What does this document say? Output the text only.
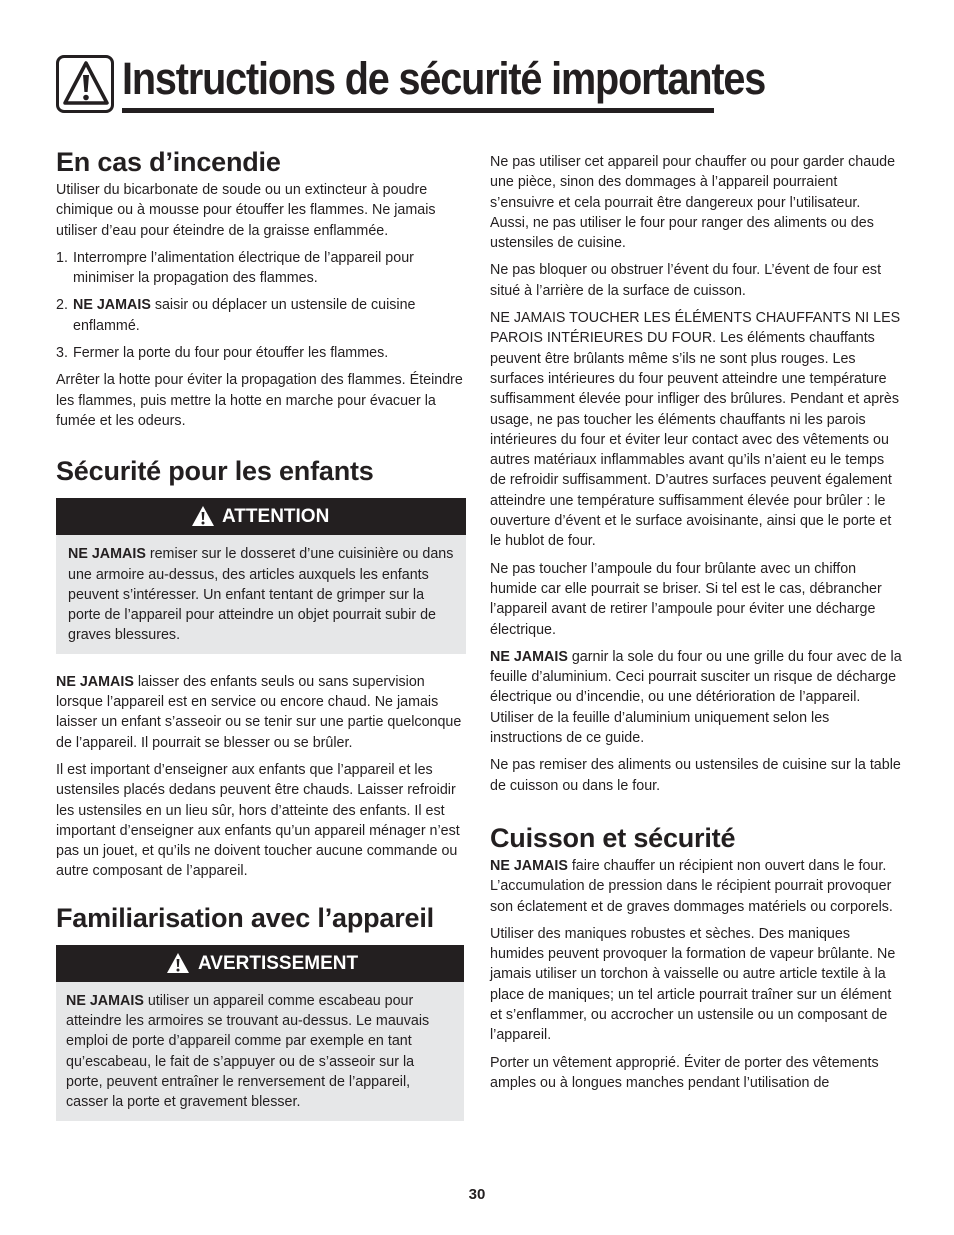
Instructions de sécurité importantes
En cas d’incendie

Utiliser du bicarbonate de soude ou un extincteur à poudre chimique ou à mousse pour étouffer les flammes. Ne jamais utiliser d’eau pour éteindre de la graisse enflammée.

1. Interrompre l’alimentation électrique de l’appareil pour minimiser la propagation des flammes.
2. NE JAMAIS saisir ou déplacer un ustensile de cuisine enflammé.
3. Fermer la porte du four pour étouffer les flammes.

Arrêter la hotte pour éviter la propagation des flammes. Éteindre les flammes, puis mettre la hotte en marche pour évacuer la fumée et les odeurs.

Sécurité pour les enfants
ATTENTION

NE JAMAIS remiser sur le dosseret d’une cuisinière ou dans une armoire au-dessus, des articles auxquels les enfants peuvent s’intéresser. Un enfant tentant de grimper sur la porte de l’appareil pour atteindre un objet pourrait subir de graves blessures.

NE JAMAIS laisser des enfants seuls ou sans supervision lorsque l’appareil est en service ou encore chaud. Ne jamais laisser un enfant s’asseoir ou se tenir sur une partie quelconque de l’appareil. Il pourrait se blesser ou se brûler.

Il est important d’enseigner aux enfants que l’appareil et les ustensiles placés dedans peuvent être chauds. Laisser refroidir les ustensiles en un lieu sûr, hors d’atteinte des enfants. Il est important d’enseigner aux enfants qu’un appareil ménager n’est pas un jouet, et qu’ils ne doivent toucher aucune commande ou autre composant de l’appareil.

Familiarisation avec l’appareil
AVERTISSEMENT

NE JAMAIS utiliser un appareil comme escabeau pour atteindre les armoires se trouvant au-dessus. Le mauvais emploi de porte d’appareil comme par exemple en tant qu’escabeau, le fait de s’appuyer ou de s’asseoir sur la porte, peuvent entraîner le renversement de l’appareil, casser la porte et gravement blesser.

Ne pas utiliser cet appareil pour chauffer ou pour garder chaude une pièce, sinon des dommages à l’appareil pourraient s’ensuivre et cela pourrait être dangereux pour l’utilisateur. Aussi, ne pas utiliser le four pour ranger des aliments ou des ustensiles de cuisine.

Ne pas bloquer ou obstruer l’évent du four. L’évent de four est situé à l’arrière de la surface de cuisson.

NE JAMAIS TOUCHER LES ÉLÉMENTS CHAUFFANTS NI LES PAROIS INTÉRIEURES DU FOUR. Les éléments chauffants peuvent être brûlants même s’ils ne sont plus rouges. Les surfaces intérieures du four peuvent atteindre une température suffisamment élevée pour infliger des brûlures. Pendant et après usage, ne pas toucher les éléments chauffants ni les parois intérieures du four et éviter leur contact avec des vêtements ou autres matériaux inflammables avant qu’ils n’aient eu le temps de refroidir suffisamment. D’autres surfaces peuvent également atteindre une température suffisamment élevée pour brûler : le ouverture d’évent et le surface avoisinante, ainsi que le porte et le hublot de four.

Ne pas toucher l’ampoule du four brûlante avec un chiffon humide car elle pourrait se briser. Si tel est le cas, débrancher l’appareil avant de retirer l’ampoule pour éviter une décharge électrique.

NE JAMAIS garnir la sole du four ou une grille du four avec de la feuille d’aluminium. Ceci pourrait susciter un risque de décharge électrique ou d’incendie, ou une détérioration de l’appareil. Utiliser de la feuille d’aluminium uniquement selon les instructions de ce guide.

Ne pas remiser des aliments ou ustensiles de cuisine sur la table de cuisson ou dans le four.

Cuisson et sécurité

NE JAMAIS faire chauffer un récipient non ouvert dans le four. L’accumulation de pression dans le récipient pourrait provoquer son éclatement et de graves dommages matériels ou corporels.

Utiliser des maniques robustes et sèches. Des maniques humides peuvent provoquer la formation de vapeur brûlante. Ne jamais utiliser un torchon à vaisselle ou autre article textile à la place de maniques; un tel article pourrait traîner sur un élément et s’enflammer, ou accrocher un ustensile ou un composant de l’appareil.

Porter un vêtement approprié. Éviter de porter des vêtements amples ou à longues manches pendant l’utilisation de

30
